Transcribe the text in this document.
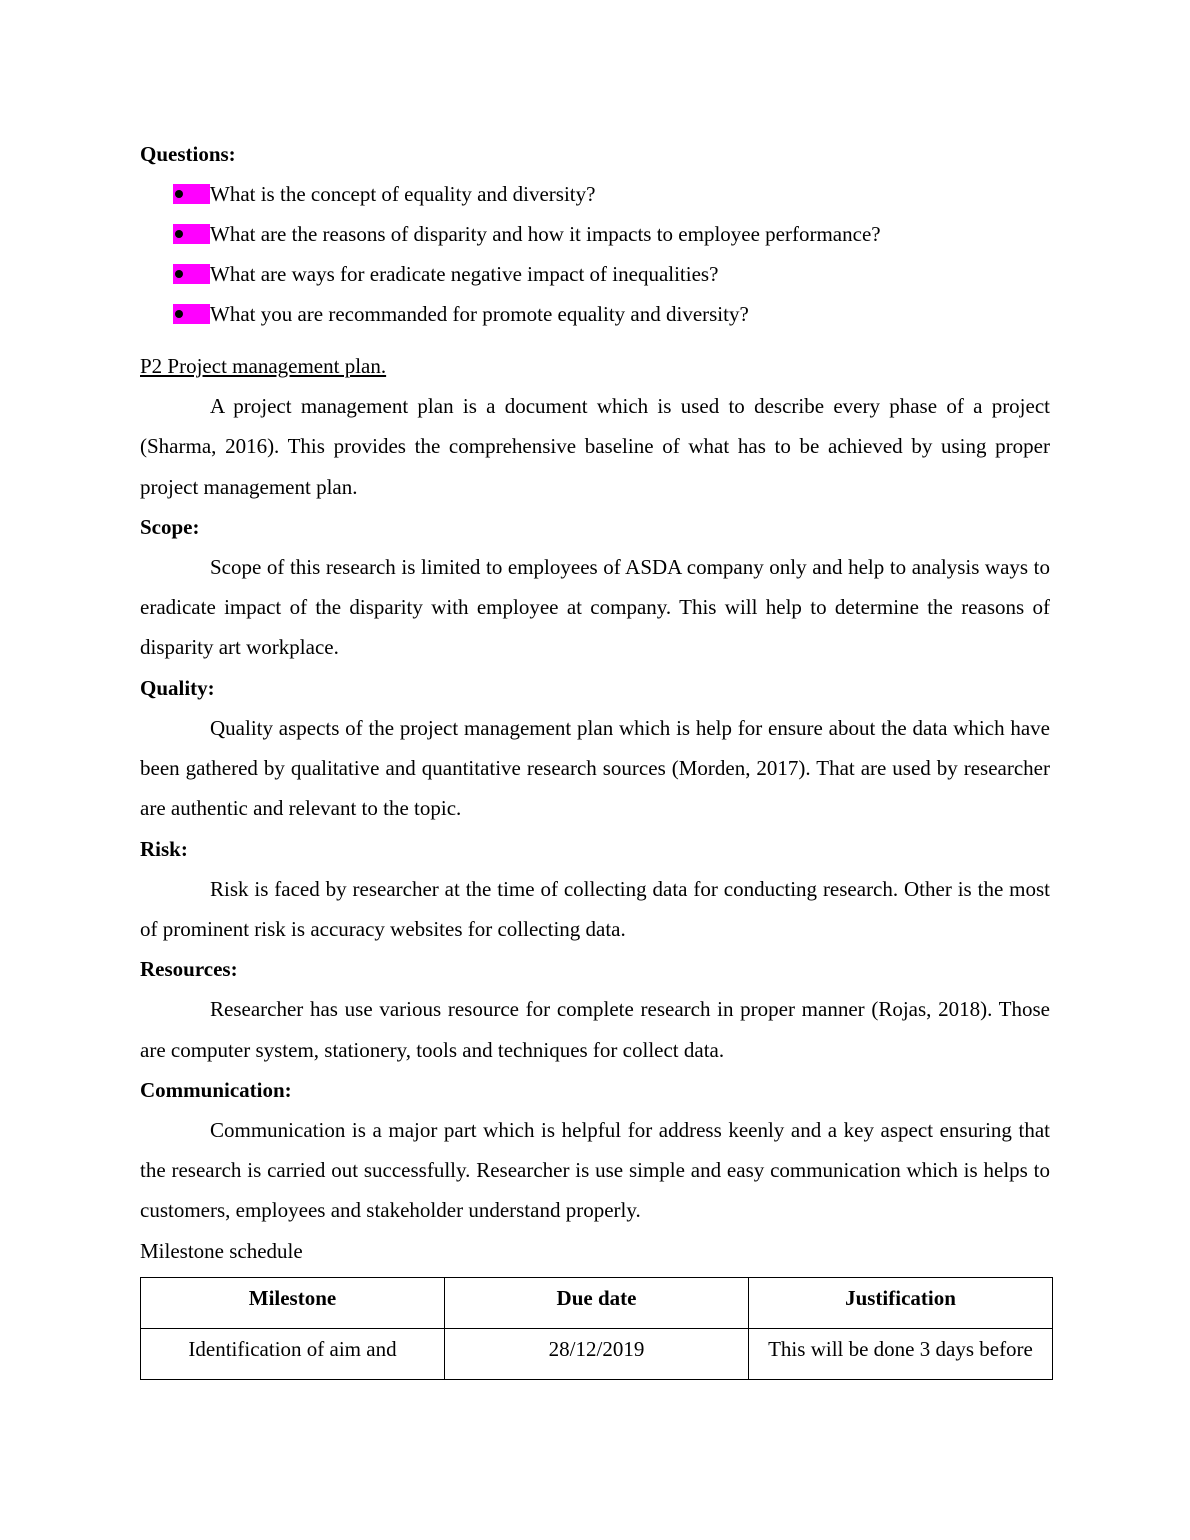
Questions:

What is the concept of equality and diversity?
What are the reasons of disparity and how it impacts to employee performance?
What are ways for eradicate negative impact of inequalities?
What you are recommanded for promote equality and diversity?

P2 Project management plan.

A project management plan is a document which is used to describe every phase of a project (Sharma, 2016). This provides the comprehensive baseline of what has to be achieved by using proper project management plan.

Scope:

Scope of this research is limited to employees of ASDA company only and help to analysis ways to eradicate impact of the disparity with employee at company. This will help to determine the reasons of disparity art workplace.

Quality:

Quality aspects of the project management plan which is help for ensure about the data which have been gathered by qualitative and quantitative research sources (Morden, 2017). That are used by researcher are authentic and relevant to the topic.

Risk:

Risk is faced by researcher at the time of collecting data for conducting research. Other is the most of prominent risk is accuracy websites for collecting data.

Resources:

Researcher has use various resource for complete research in proper manner (Rojas, 2018). Those are computer system, stationery, tools and techniques for collect data.

Communication:

Communication is a major part which is helpful for address keenly and a key aspect ensuring that the research is carried out successfully. Researcher is use simple and easy communication which is helps to customers, employees and stakeholder understand properly.

Milestone schedule

Milestone	Due date	Justification
Identification of aim and	28/12/2019	This will be done 3 days before
